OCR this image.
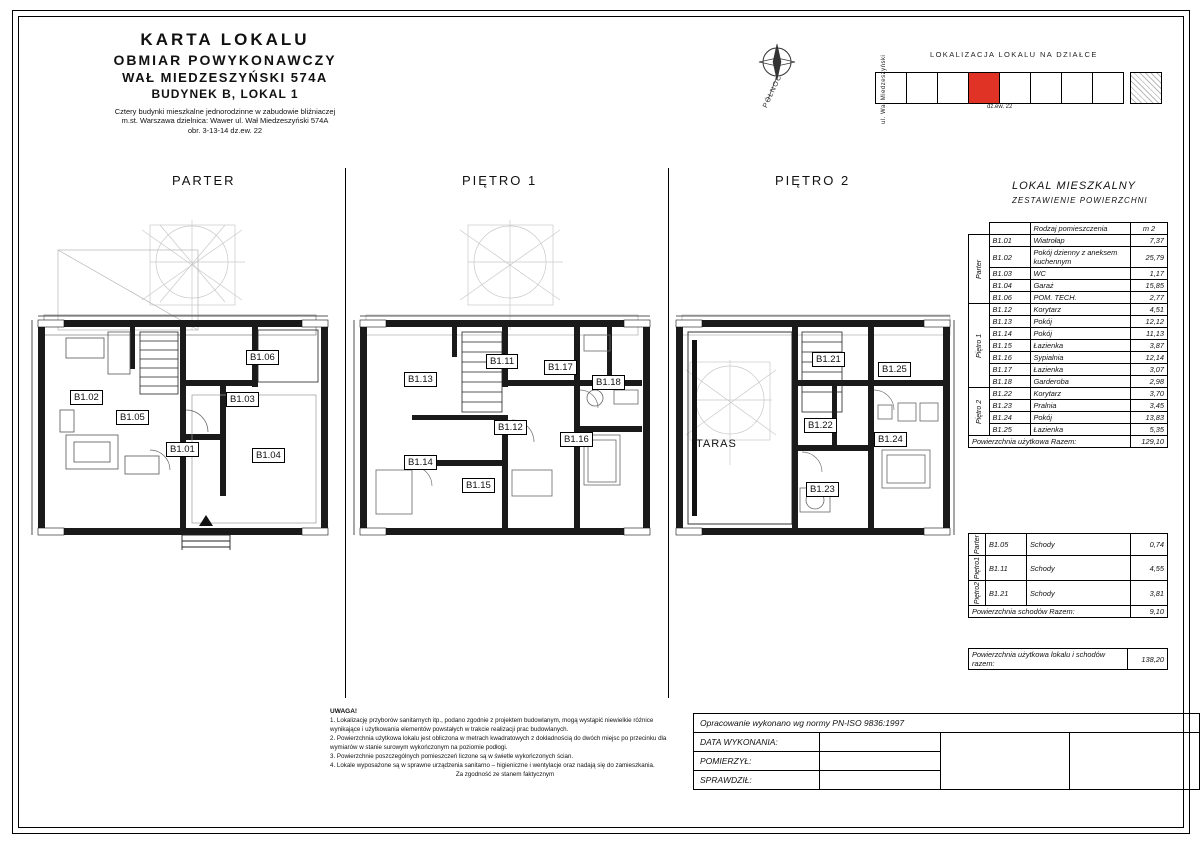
KARTA LOKALU
OBMIAR POWYKONAWCZY
WAŁ MIEDZESZYŃSKI 574A
BUDYNEK B, LOKAL 1
Cztery budynki mieszkalne jednorodzinne w zabudowie bliźniaczej
m.st. Warszawa dzielnica: Wawer ul. Wał Miedzeszyński 574A
obr. 3-13-14 dz.ew. 22
PÓŁNOC
LOKALIZACJA LOKALU NA DZIAŁCE
ul. Wał Miedzeszyński	dz.ew. 22
PARTER	PIĘTRO 1	PIĘTRO 2
B1.06
B1.02
B1.05
B1.03
B1.01
B1.04
B1.13
B1.11
B1.17
B1.18
B1.12
B1.16
B1.14
B1.15
TARAS
B1.21
B1.25
B1.22
B1.24
B1.23
LOKAL MIESZKALNY
ZESTAWIENIE POWIERZCHNI
		Rodzaj pomieszczenia	m 2
Parter	B1.01	Wiatrołap	7,37
	B1.02	Pokój dzienny z aneksem kuchennym	25,79
	B1.03	WC	1,17
	B1.04	Garaż	15,85
	B1.06	POM. TECH.	2,77
Piętro 1	B1.12	Korytarz	4,51
	B1.13	Pokój	12,12
	B1.14	Pokój	11,13
	B1.15	Łazienka	3,87
	B1.16	Sypialnia	12,14
	B1.17	Łazienka	3,07
	B1.18	Garderoba	2,98
Piętro 2	B1.22	Korytarz	3,70
	B1.23	Pralnia	3,45
	B1.24	Pokój	13,83
	B1.25	Łazienka	5,35
Powierzchnia użytkowa Razem:			129,10
Parter	B1.05	Schody	0,74
Piętro1	B1.11	Schody	4,55
Piętro2	B1.21	Schody	3,81
Powierzchnia schodów Razem:			9,10
Powierzchnia użytkowa lokalu i schodów razem:	138,20
UWAGA!
1. Lokalizację przyborów sanitarnych itp., podano zgodnie z projektem budowlanym, mogą wystąpić niewielkie różnice wynikające i użytkowania elementów powstałych w trakcie realizacji prac budowlanych.
2. Powierzchnia użytkowa lokalu jest obliczona w metrach kwadratowych z dokładnością do dwóch miejsc po przecinku dla wymiarów w stanie surowym wykończonym na poziomie podłogi.
3. Powierzchnie poszczególnych pomieszczeń liczone są w świetle wykończonych ścian.
4. Lokale wyposażone są w sprawne urządzenia sanitarno – higieniczne i wentylacje oraz nadają się do zamieszkania.
Za zgodność ze stanem faktycznym
Opracowanie wykonano wg normy PN-ISO 9836:1997			
DATA WYKONANIA:			
POMIERZYŁ:			
SPRAWDZIŁ:			
